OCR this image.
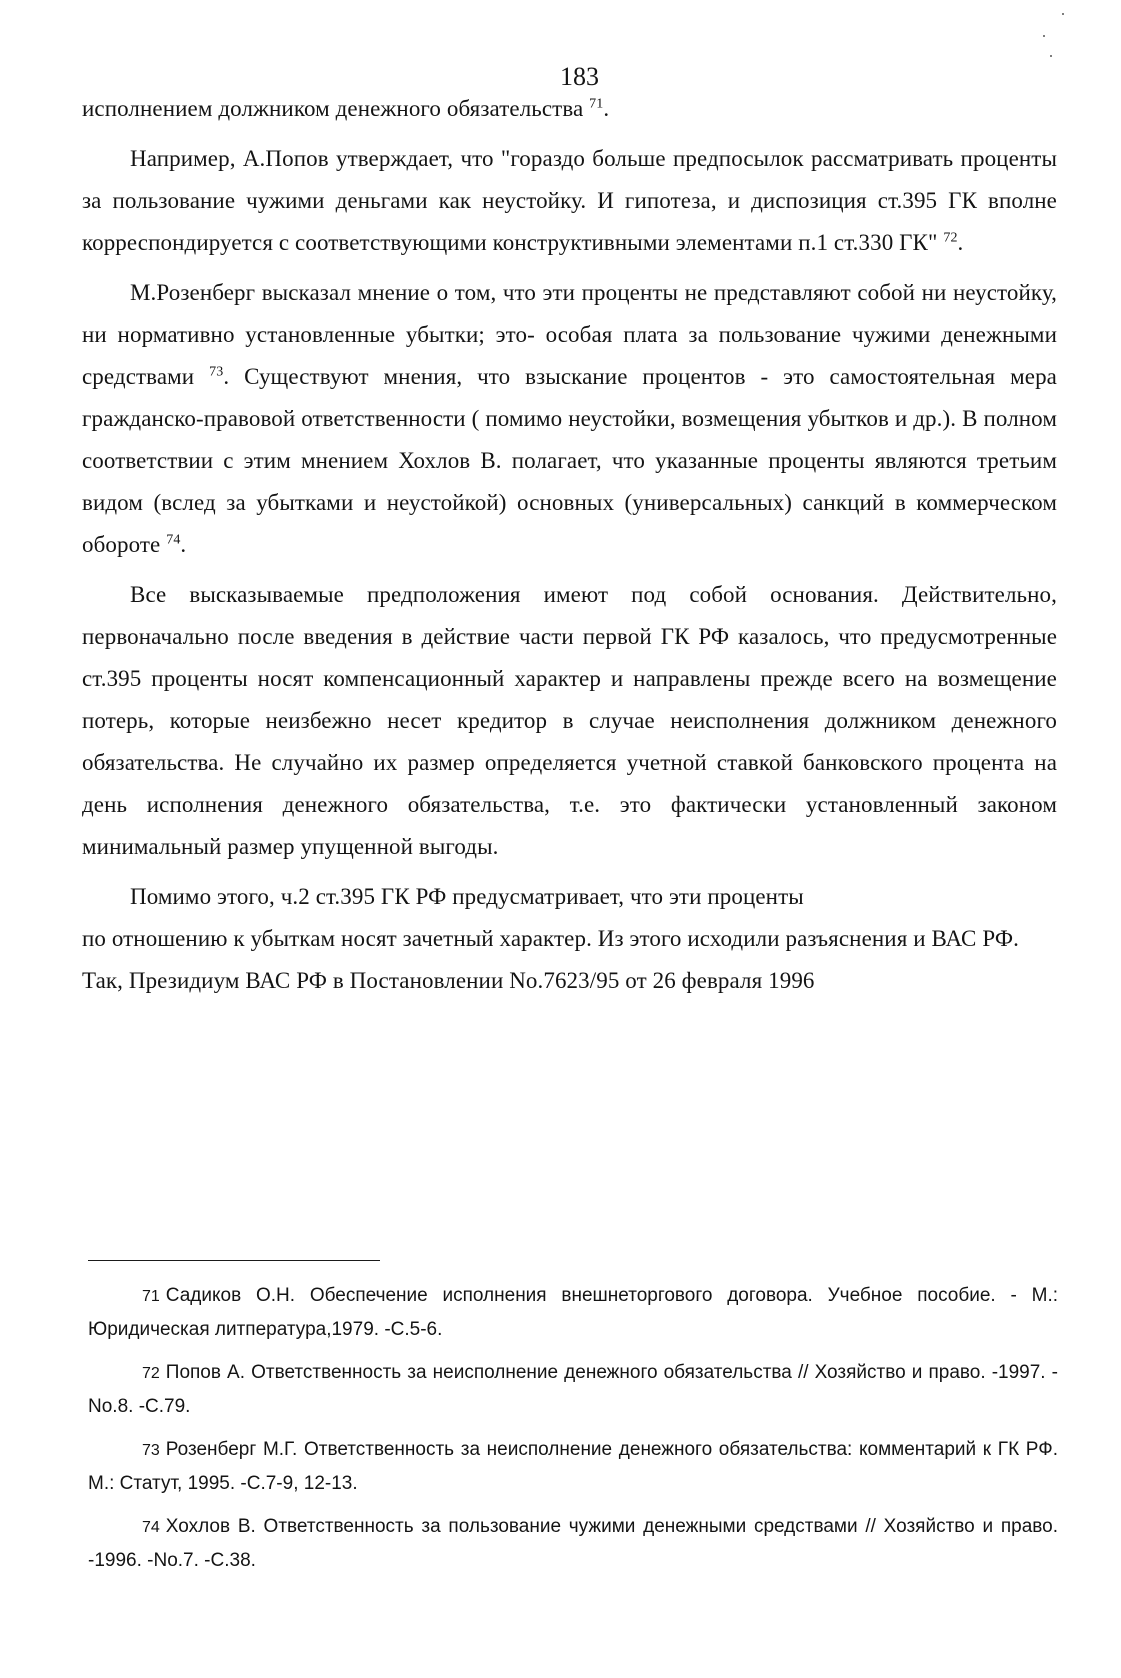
183

исполнением должником денежного обязательства $^{71}$.

Например, А.Попов утверждает, что "гораздо больше предпосылок рассматривать проценты за пользование чужими деньгами как неустойку. И гипотеза, и диспозиция ст.395 ГК вполне корреспондируется с соответствующими конструктивными элементами п.1 ст.330 ГК" $^{72}$.

М.Розенберг высказал мнение о том, что эти проценты не представляют собой ни неустойку, ни нормативно установленные убытки; это- особая плата за пользование чужими денежными средствами $^{73}$. Существуют мнения, что взыскание процентов - это самостоятельная мера гражданско-правовой ответственности ( помимо неустойки, возмещения убытков и др.). В полном соответствии с этим мнением Хохлов В. полагает, что указанные проценты являются третьим видом (вслед за убытками и неустойкой) основных (универсальных) санкций в коммерческом обороте $^{74}$.

Все высказываемые предположения имеют под собой основания. Действительно, первоначально после введения в действие части первой ГК РФ казалось, что предусмотренные ст.395 проценты носят компенсационный характер и направлены прежде всего на возмещение потерь, которые неизбежно несет кредитор в случае неисполнения должником денежного обязательства. Не случайно их размер определяется учетной ставкой банковского процента на день исполнения денежного обязательства, т.е. это фактически установленный законом минимальный размер упущенной выгоды.

Помимо этого, ч.2 ст.395 ГК РФ предусматривает, что эти проценты
по отношению к убыткам носят зачетный характер. Из этого исходили разъяснения и ВАС РФ. Так, Президиум ВАС РФ в Постановлении No.7623/95 от 26 февраля 1996

71 Садиков О.Н. Обеспечение исполнения внешнеторгового договора. Учебное пособие. - М.: Юридическая литпература,1979. -С.5-6.

72 Попов А. Ответственность за неисполнение денежного обязательства // Хозяйство и право. -1997. -No.8. -С.79.

73 Розенберг М.Г. Ответственность за неисполнение денежного обязательства: комментарий к ГК РФ. М.: Статут, 1995. -С.7-9, 12-13.

74 Хохлов В. Ответственность за пользование чужими денежными средствами // Хозяйство и право. -1996. -No.7. -С.38.
